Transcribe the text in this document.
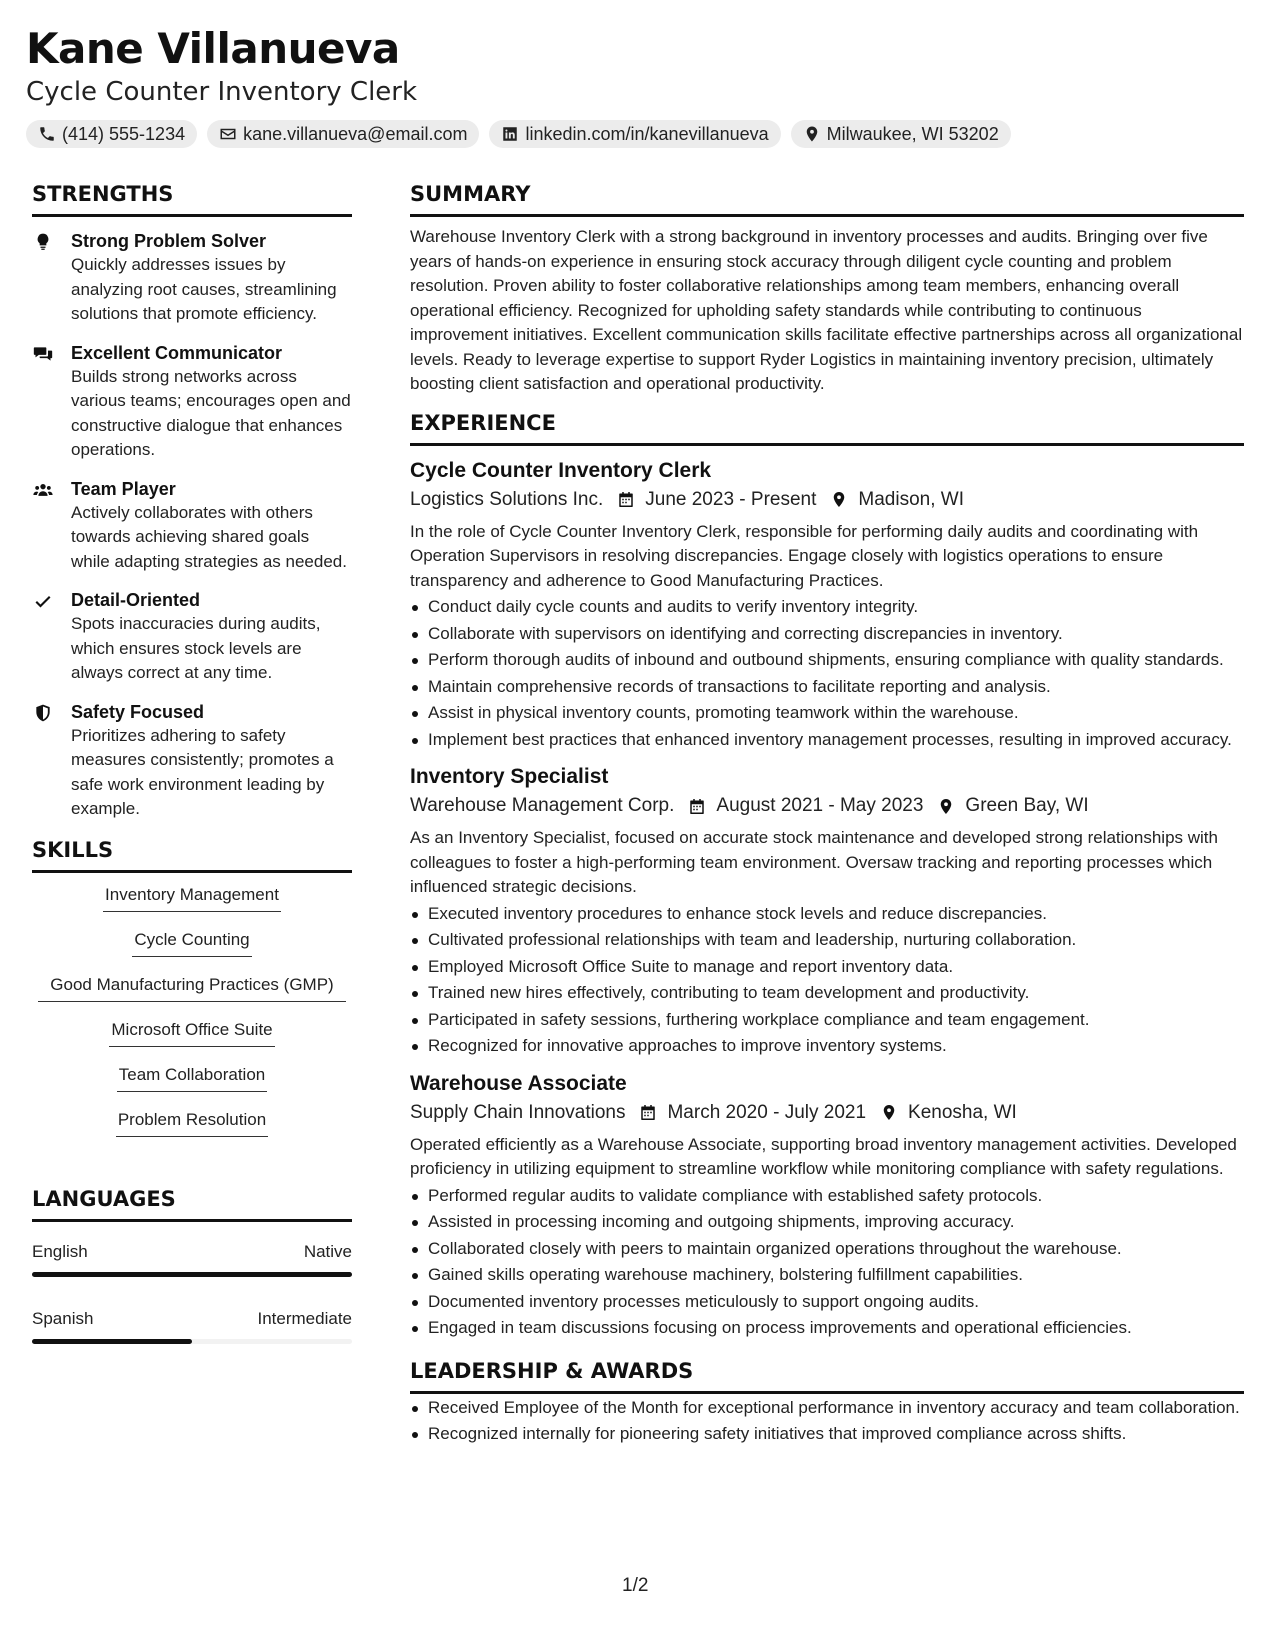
Kane Villanueva
Cycle Counter Inventory Clerk
(414) 555-1234	kane.villanueva@email.com	linkedin.com/in/kanevillanueva	Milwaukee, WI 53202
STRENGTHS
Strong Problem Solver
Quickly addresses issues by analyzing root causes, streamlining solutions that promote efficiency.
Excellent Communicator
Builds strong networks across various teams; encourages open and constructive dialogue that enhances operations.
Team Player
Actively collaborates with others towards achieving shared goals while adapting strategies as needed.
Detail-Oriented
Spots inaccuracies during audits, which ensures stock levels are always correct at any time.
Safety Focused
Prioritizes adhering to safety measures consistently; promotes a safe work environment leading by example.
SKILLS
Inventory Management
Cycle Counting
Good Manufacturing Practices (GMP)
Microsoft Office Suite
Team Collaboration
Problem Resolution
LANGUAGES
English	Native
Spanish	Intermediate
SUMMARY
Warehouse Inventory Clerk with a strong background in inventory processes and audits. Bringing over five years of hands-on experience in ensuring stock accuracy through diligent cycle counting and problem resolution. Proven ability to foster collaborative relationships among team members, enhancing overall operational efficiency. Recognized for upholding safety standards while contributing to continuous improvement initiatives. Excellent communication skills facilitate effective partnerships across all organizational levels. Ready to leverage expertise to support Ryder Logistics in maintaining inventory precision, ultimately boosting client satisfaction and operational productivity.
EXPERIENCE
Cycle Counter Inventory Clerk
Logistics Solutions Inc. June 2023 - Present Madison, WI
In the role of Cycle Counter Inventory Clerk, responsible for performing daily audits and coordinating with Operation Supervisors in resolving discrepancies. Engage closely with logistics operations to ensure transparency and adherence to Good Manufacturing Practices.
Conduct daily cycle counts and audits to verify inventory integrity.
Collaborate with supervisors on identifying and correcting discrepancies in inventory.
Perform thorough audits of inbound and outbound shipments, ensuring compliance with quality standards.
Maintain comprehensive records of transactions to facilitate reporting and analysis.
Assist in physical inventory counts, promoting teamwork within the warehouse.
Implement best practices that enhanced inventory management processes, resulting in improved accuracy.
Inventory Specialist
Warehouse Management Corp. August 2021 - May 2023 Green Bay, WI
As an Inventory Specialist, focused on accurate stock maintenance and developed strong relationships with colleagues to foster a high-performing team environment. Oversaw tracking and reporting processes which influenced strategic decisions.
Executed inventory procedures to enhance stock levels and reduce discrepancies.
Cultivated professional relationships with team and leadership, nurturing collaboration.
Employed Microsoft Office Suite to manage and report inventory data.
Trained new hires effectively, contributing to team development and productivity.
Participated in safety sessions, furthering workplace compliance and team engagement.
Recognized for innovative approaches to improve inventory systems.
Warehouse Associate
Supply Chain Innovations March 2020 - July 2021 Kenosha, WI
Operated efficiently as a Warehouse Associate, supporting broad inventory management activities. Developed proficiency in utilizing equipment to streamline workflow while monitoring compliance with safety regulations.
Performed regular audits to validate compliance with established safety protocols.
Assisted in processing incoming and outgoing shipments, improving accuracy.
Collaborated closely with peers to maintain organized operations throughout the warehouse.
Gained skills operating warehouse machinery, bolstering fulfillment capabilities.
Documented inventory processes meticulously to support ongoing audits.
Engaged in team discussions focusing on process improvements and operational efficiencies.
LEADERSHIP & AWARDS
Received Employee of the Month for exceptional performance in inventory accuracy and team collaboration.
Recognized internally for pioneering safety initiatives that improved compliance across shifts.
1/2
